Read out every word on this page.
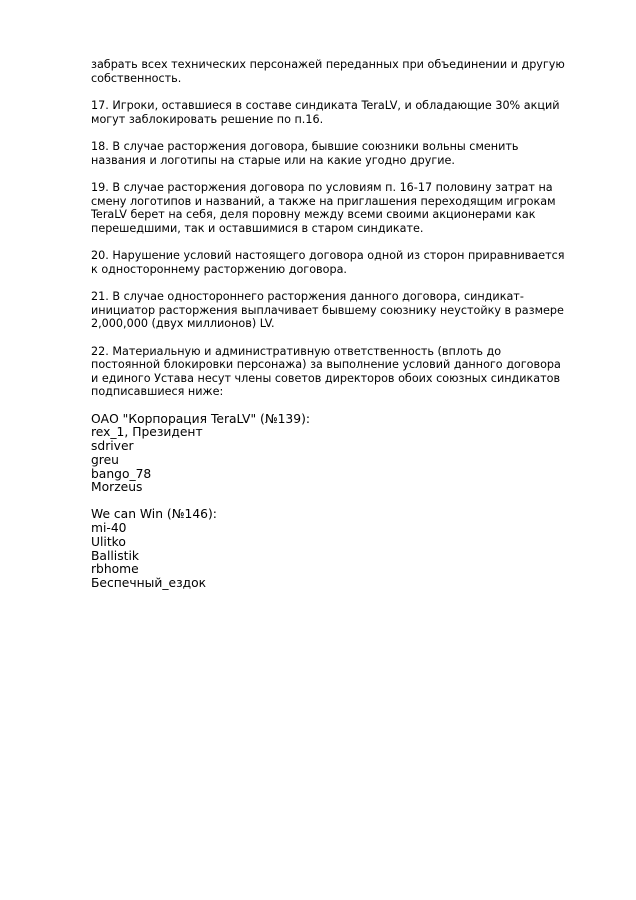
забрать всех технических персонажей переданных при объединении и другую собственность.

17. Игроки, оставшиеся в составе синдиката TeraLV, и обладающие 30% акций могут заблокировать решение по п.16.

18. В случае расторжения договора, бывшие союзники вольны сменить названия и логотипы на старые или на какие угодно другие.

19. В случае расторжения договора по условиям п. 16-17 половину затрат на смену логотипов и названий, а также на приглашения переходящим игрокам TeraLV берет на себя, деля поровну между всеми своими акционерами как перешедшими, так и оставшимися в старом синдикате.

20. Нарушение условий настоящего договора одной из сторон приравнивается к одностороннему расторжению договора.

21. В случае одностороннего расторжения данного договора, синдикат-инициатор расторжения выплачивает бывшему союзнику неустойку в размере 2,000,000 (двух миллионов) LV.

22. Материальную и административную ответственность (вплоть до постоянной блокировки персонажа) за выполнение условий данного договора и единого Устава несут члены советов директоров обоих союзных синдикатов подписавшиеся ниже:

ОАО "Корпорация TeraLV" (№139):
rex_1, Президент
sdriver
greu
bango_78
Morzeus
We can Win (№146):
mi-40
Ulitko
Ballistik
rbhome
Беспечный_ездок
